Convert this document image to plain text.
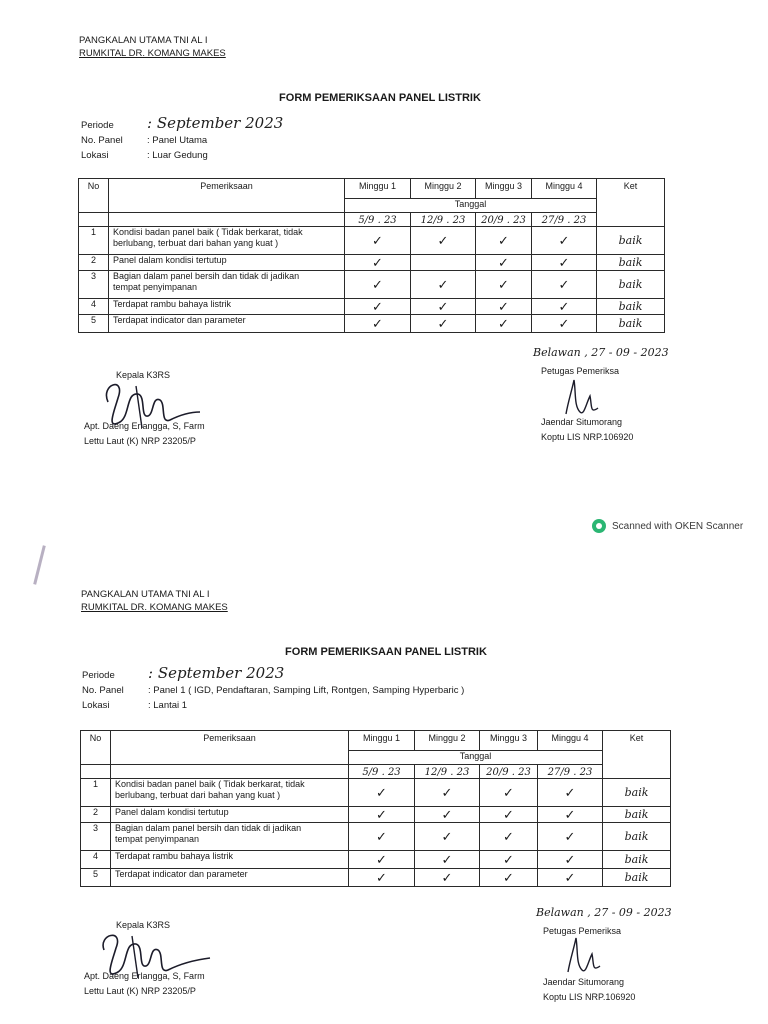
PANGKALAN UTAMA TNI AL I
RUMKITAL DR. KOMANG MAKES
FORM PEMERIKSAAN PANEL LISTRIK
Periode : September 2023
No. Panel	: Panel Utama
Lokasi	: Luar Gedung
No	Pemeriksaan	Minggu 1	Minggu 2	Minggu 3	Minggu 4	Ket
		Tanggal				
		5/9 . 23	12/9 . 23	20/9 . 23	27/9 . 23	
1	Kondisi badan panel baik ( Tidak berkarat, tidak
berlubang, terbuat dari bahan yang kuat )	✓	✓	✓	✓	baik
2	Panel dalam kondisi tertutup	✓		✓	✓	baik
3	Bagian dalam panel bersih dan tidak di jadikan
tempat penyimpanan	✓	✓	✓	✓	baik
4	Terdapat rambu bahaya listrik	✓	✓	✓	✓	baik
5	Terdapat indicator dan parameter	✓	✓	✓	✓	baik
Belawan , 27 - 09 - 2023
Kepala K3RS
Apt. Daeng Erlangga, S, Farm
Lettu Laut (K) NRP 23205/P
Petugas Pemeriksa
Jaendar Situmorang
Koptu LIS NRP.106920
Scanned with OKEN Scanner
PANGKALAN UTAMA TNI AL I
RUMKITAL DR. KOMANG MAKES
FORM PEMERIKSAAN PANEL LISTRIK
Periode : September 2023
No. Panel	: Panel 1 ( IGD, Pendaftaran, Samping Lift, Rontgen, Samping Hyperbaric )
Lokasi	: Lantai 1
No	Pemeriksaan	Minggu 1	Minggu 2	Minggu 3	Minggu 4	Ket
		Tanggal				
		5/9 . 23	12/9 . 23	20/9 . 23	27/9 . 23	
1	Kondisi badan panel baik ( Tidak berkarat, tidak
berlubang, terbuat dari bahan yang kuat )	✓	✓	✓	✓	baik
2	Panel dalam kondisi tertutup	✓	✓	✓	✓	baik
3	Bagian dalam panel bersih dan tidak di jadikan
tempat penyimpanan	✓	✓	✓	✓	baik
4	Terdapat rambu bahaya listrik	✓	✓	✓	✓	baik
5	Terdapat indicator dan parameter	✓	✓	✓	✓	baik
Belawan , 27 - 09 - 2023
Kepala K3RS
Apt. Daeng Erlangga, S, Farm
Lettu Laut (K) NRP 23205/P
Petugas Pemeriksa
Jaendar Situmorang
Koptu LIS NRP.106920
